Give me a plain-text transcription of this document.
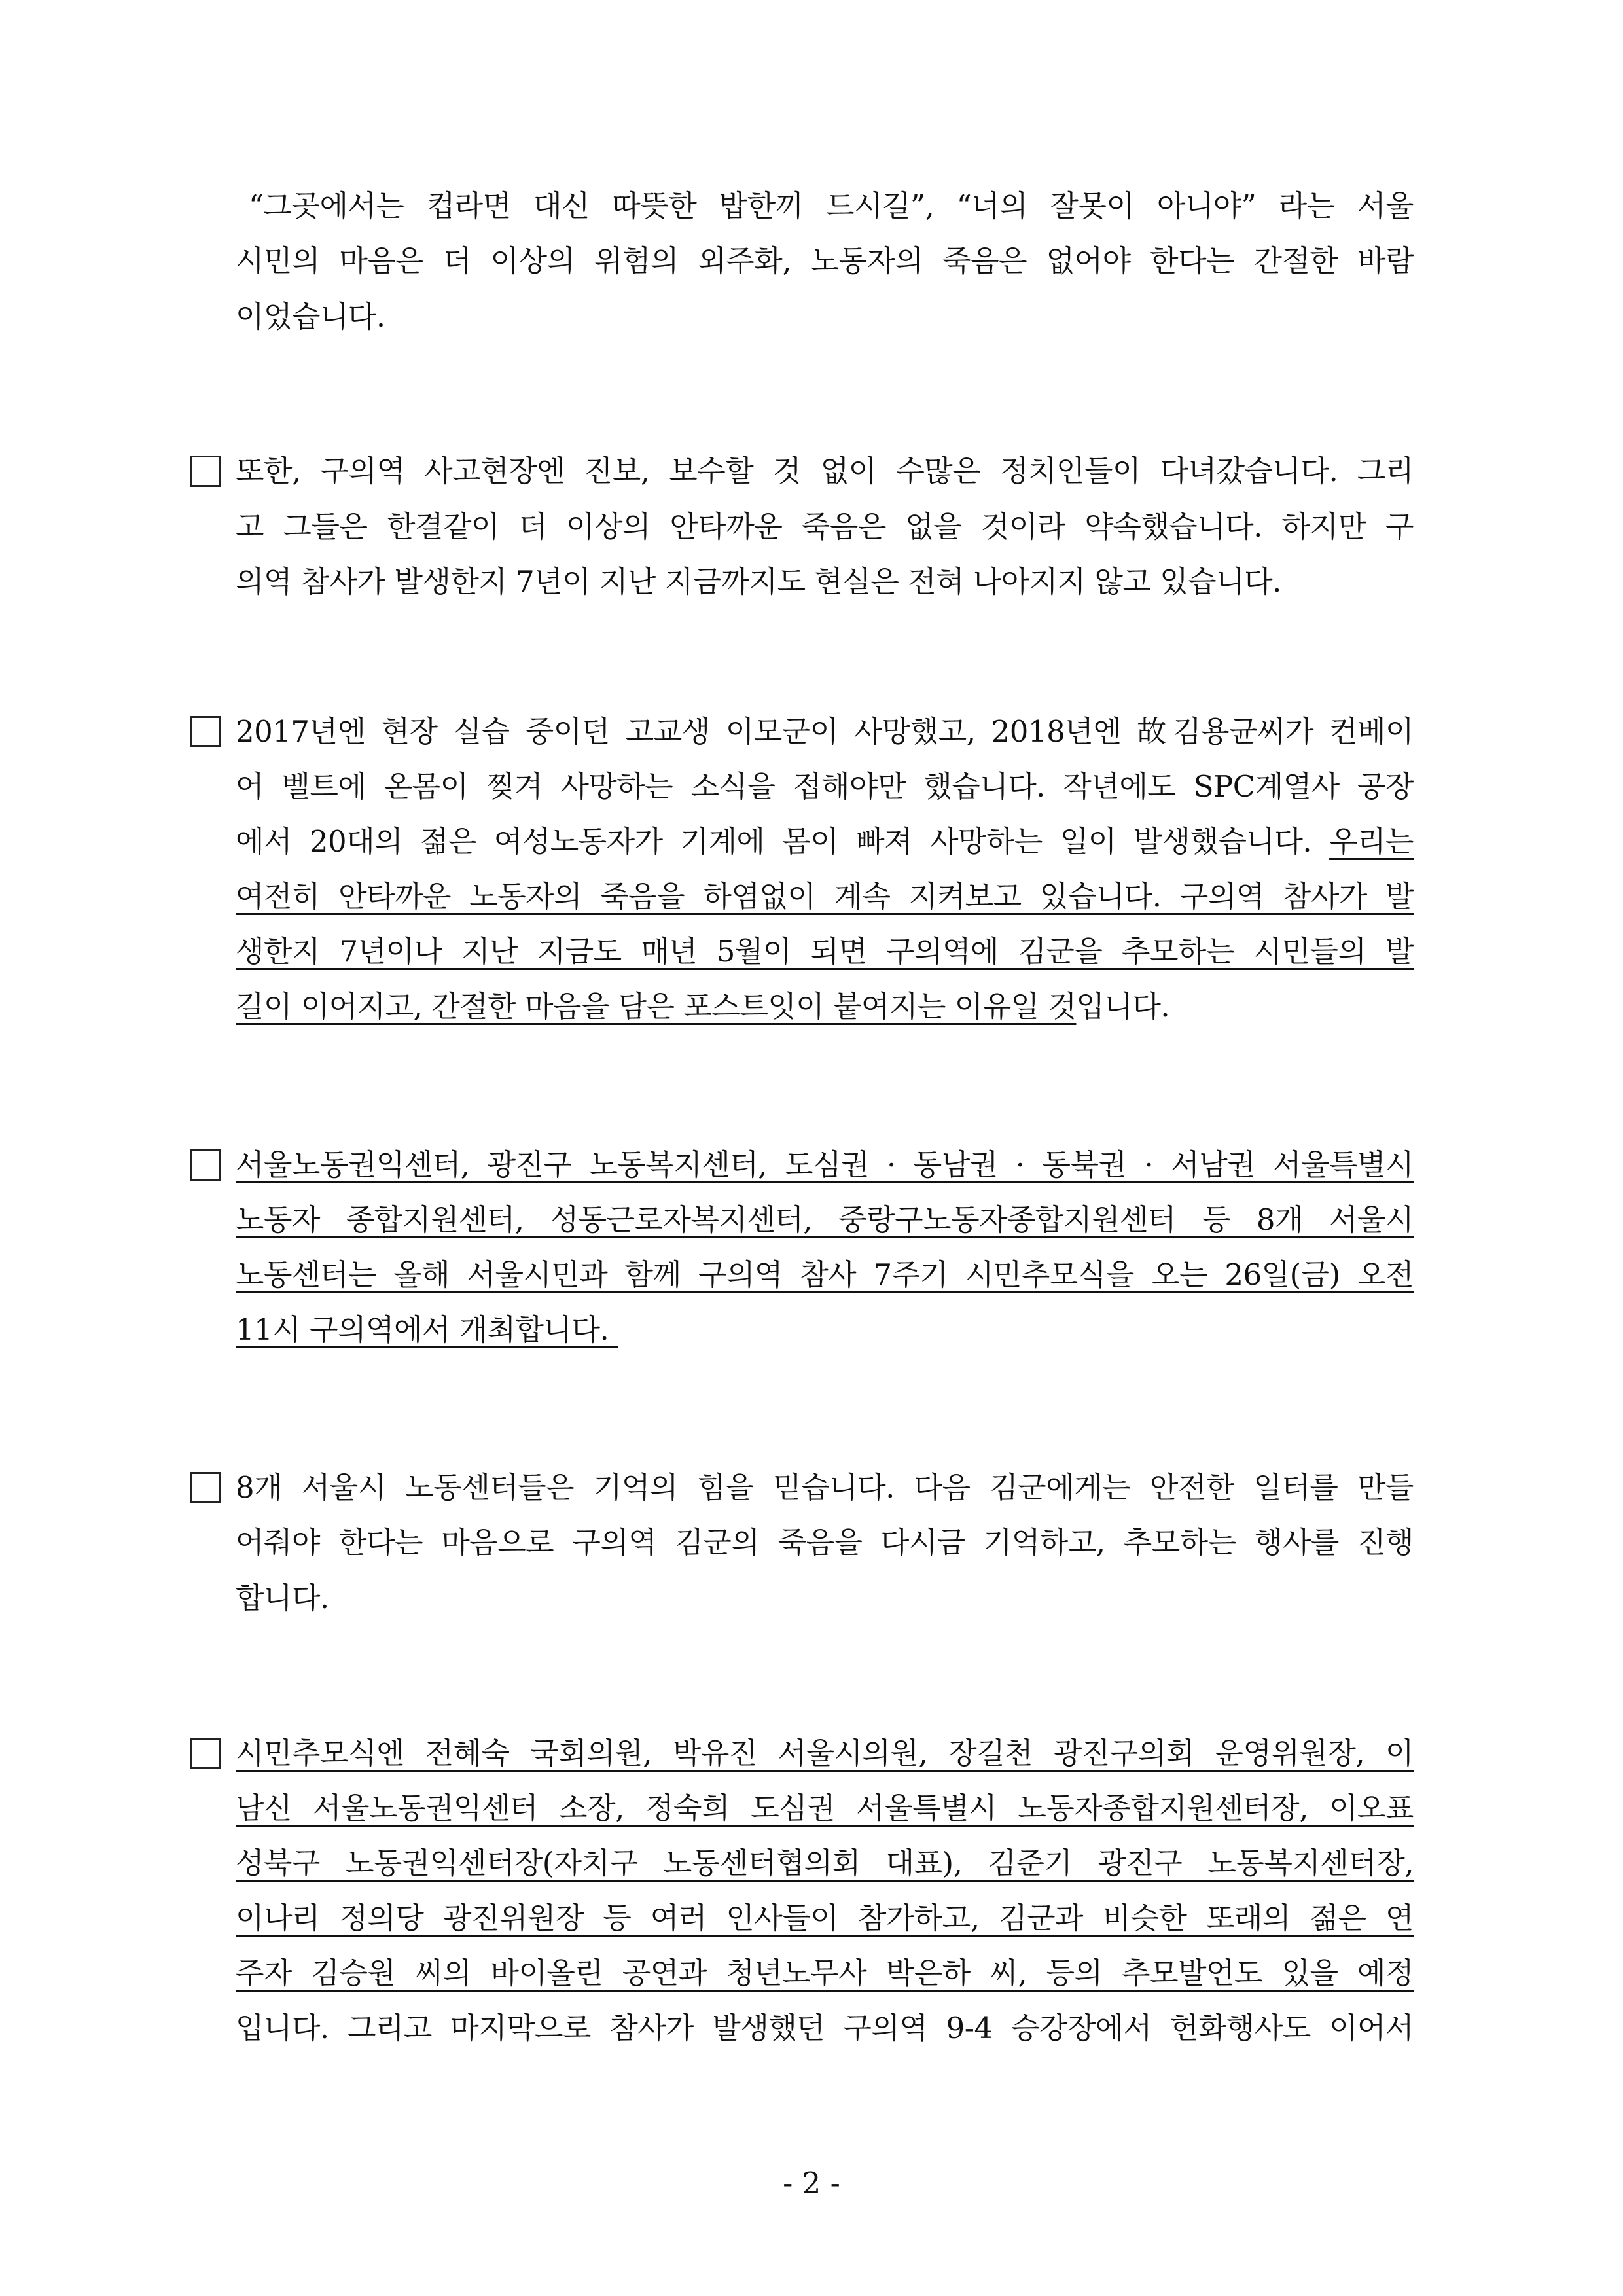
“그곳에서는 컵라면 대신 따뜻한 밥한끼 드시길”, “너의 잘못이 아니야” 라는 서울
시민의 마음은 더 이상의 위험의 외주화, 노동자의 죽음은 없어야 한다는 간절한 바람
이었습니다.
또한, 구의역 사고현장엔 진보, 보수할 것 없이 수많은 정치인들이 다녀갔습니다. 그리
고 그들은 한결같이 더 이상의 안타까운 죽음은 없을 것이라 약속했습니다. 하지만 구
의역 참사가 발생한지 7년이 지난 지금까지도 현실은 전혀 나아지지 않고 있습니다.
2017년엔 현장 실습 중이던 고교생 이모군이 사망했고, 2018년엔 故김용균씨가 컨베이
어 벨트에 온몸이 찢겨 사망하는 소식을 접해야만 했습니다. 작년에도 SPC계열사 공장
에서 20대의 젊은 여성노동자가 기계에 몸이 빠져 사망하는 일이 발생했습니다. 우리는
여전히 안타까운 노동자의 죽음을 하염없이 계속 지켜보고 있습니다. 구의역 참사가 발
생한지 7년이나 지난 지금도 매년 5월이 되면 구의역에 김군을 추모하는 시민들의 발
길이 이어지고, 간절한 마음을 담은 포스트잇이 붙여지는 이유일 것입니다.
서울노동권익센터, 광진구 노동복지센터, 도심권 · 동남권 · 동북권 · 서남권 서울특별시
노동자 종합지원센터, 성동근로자복지센터, 중랑구노동자종합지원센터 등 8개 서울시
노동센터는 올해 서울시민과 함께 구의역 참사 7주기 시민추모식을 오는 26일(금) 오전
11시 구의역에서 개최합니다.
8개 서울시 노동센터들은 기억의 힘을 믿습니다. 다음 김군에게는 안전한 일터를 만들
어줘야 한다는 마음으로 구의역 김군의 죽음을 다시금 기억하고, 추모하는 행사를 진행
합니다.
시민추모식엔 전혜숙 국회의원, 박유진 서울시의원, 장길천 광진구의회 운영위원장, 이
남신 서울노동권익센터 소장, 정숙희 도심권 서울특별시 노동자종합지원센터장, 이오표
성북구 노동권익센터장(자치구 노동센터협의회 대표), 김준기 광진구 노동복지센터장,
이나리 정의당 광진위원장 등 여러 인사들이 참가하고, 김군과 비슷한 또래의 젊은 연
주자 김승원 씨의 바이올린 공연과 청년노무사 박은하 씨, 등의 추모발언도 있을 예정
입니다. 그리고 마지막으로 참사가 발생했던 구의역 9-4 승강장에서 헌화행사도 이어서
- 2 -
